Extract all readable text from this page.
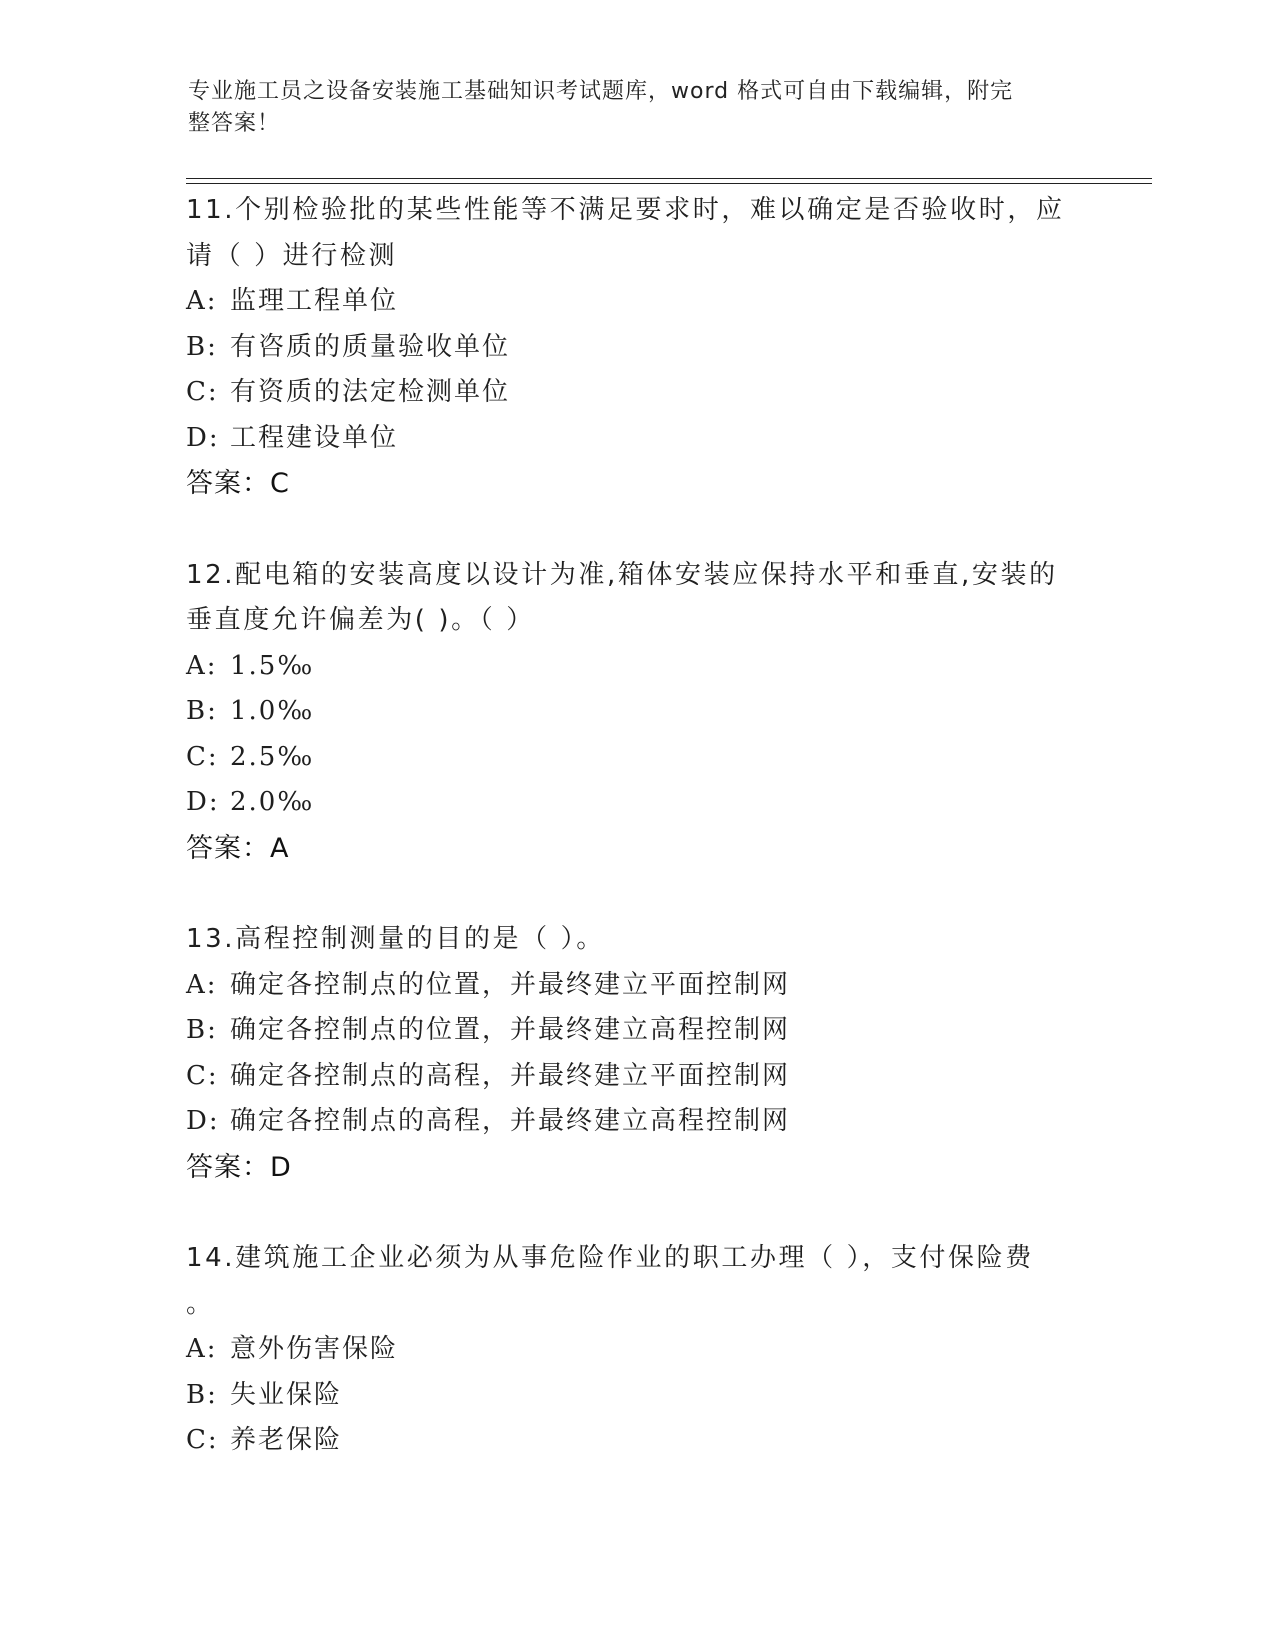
专业施工员之设备安装施工基础知识考试题库，word 格式可自由下载编辑，附完
整答案！
11.个别检验批的某些性能等不满足要求时，难以确定是否验收时，应
请（ ）进行检测
A: 监理工程单位
B: 有咨质的质量验收单位
C: 有资质的法定检测单位
D: 工程建设单位
答案：C
12.配电箱的安装高度以设计为准,箱体安装应保持水平和垂直,安装的
垂直度允许偏差为( )。（ ）
A: 1.5‰
B: 1.0‰
C: 2.5‰
D: 2.0‰
答案：A
13.高程控制测量的目的是（ ）。
A: 确定各控制点的位置，并最终建立平面控制网
B: 确定各控制点的位置，并最终建立高程控制网
C: 确定各控制点的高程，并最终建立平面控制网
D: 确定各控制点的高程，并最终建立高程控制网
答案：D
14.建筑施工企业必须为从事危险作业的职工办理（ ），支付保险费
。
A: 意外伤害保险
B: 失业保险
C: 养老保险
